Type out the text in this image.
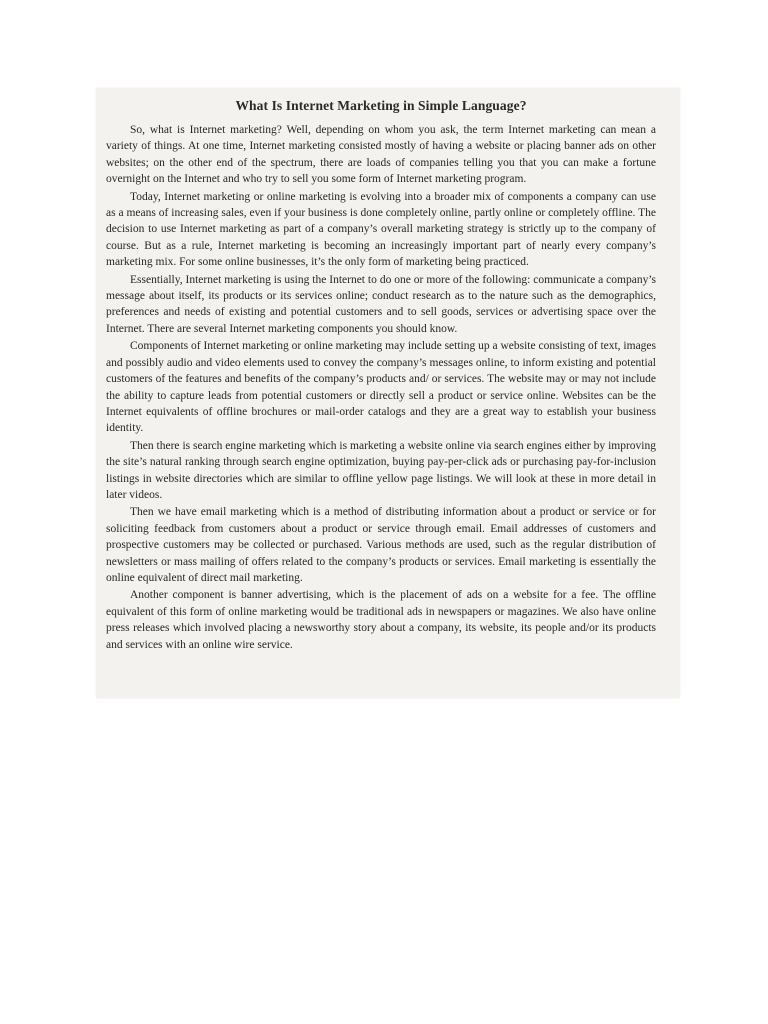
What Is Internet Marketing in Simple Language?

So, what is Internet marketing? Well, depending on whom you ask, the term Internet marketing can mean a variety of things. At one time, Internet marketing consisted mostly of having a website or placing banner ads on other websites; on the other end of the spectrum, there are loads of companies telling you that you can make a fortune overnight on the Internet and who try to sell you some form of Internet marketing program.

Today, Internet marketing or online marketing is evolving into a broader mix of components a company can use as a means of increasing sales, even if your business is done completely online, partly online or completely offline. The decision to use Internet marketing as part of a company’s overall marketing strategy is strictly up to the company of course. But as a rule, Internet marketing is becoming an increasingly important part of nearly every company’s marketing mix. For some online businesses, it’s the only form of marketing being practiced.

Essentially, Internet marketing is using the Internet to do one or more of the following: communicate a company’s message about itself, its products or its services online; conduct research as to the nature such as the demographics, preferences and needs of existing and potential customers and to sell goods, services or advertising space over the Internet. There are several Internet marketing components you should know.

Components of Internet marketing or online marketing may include setting up a website consisting of text, images and possibly audio and video elements used to convey the company’s messages online, to inform existing and potential customers of the features and benefits of the company’s products and/ or services. The website may or may not include the ability to capture leads from potential customers or directly sell a product or service online. Websites can be the Internet equivalents of offline brochures or mail-order catalogs and they are a great way to establish your business identity.

Then there is search engine marketing which is marketing a website online via search engines either by improving the site’s natural ranking through search engine optimization, buying pay-per-click ads or purchasing pay-for-inclusion listings in website directories which are similar to offline yellow page listings. We will look at these in more detail in later videos.

Then we have email marketing which is a method of distributing information about a product or service or for soliciting feedback from customers about a product or service through email. Email addresses of customers and prospective customers may be collected or purchased. Various methods are used, such as the regular distribution of newsletters or mass mailing of offers related to the company’s products or services. Email marketing is essentially the online equivalent of direct mail marketing.

Another component is banner advertising, which is the placement of ads on a website for a fee. The offline equivalent of this form of online marketing would be traditional ads in newspapers or magazines. We also have online press releases which involved placing a newsworthy story about a company, its website, its people and/or its products and services with an online wire service.
